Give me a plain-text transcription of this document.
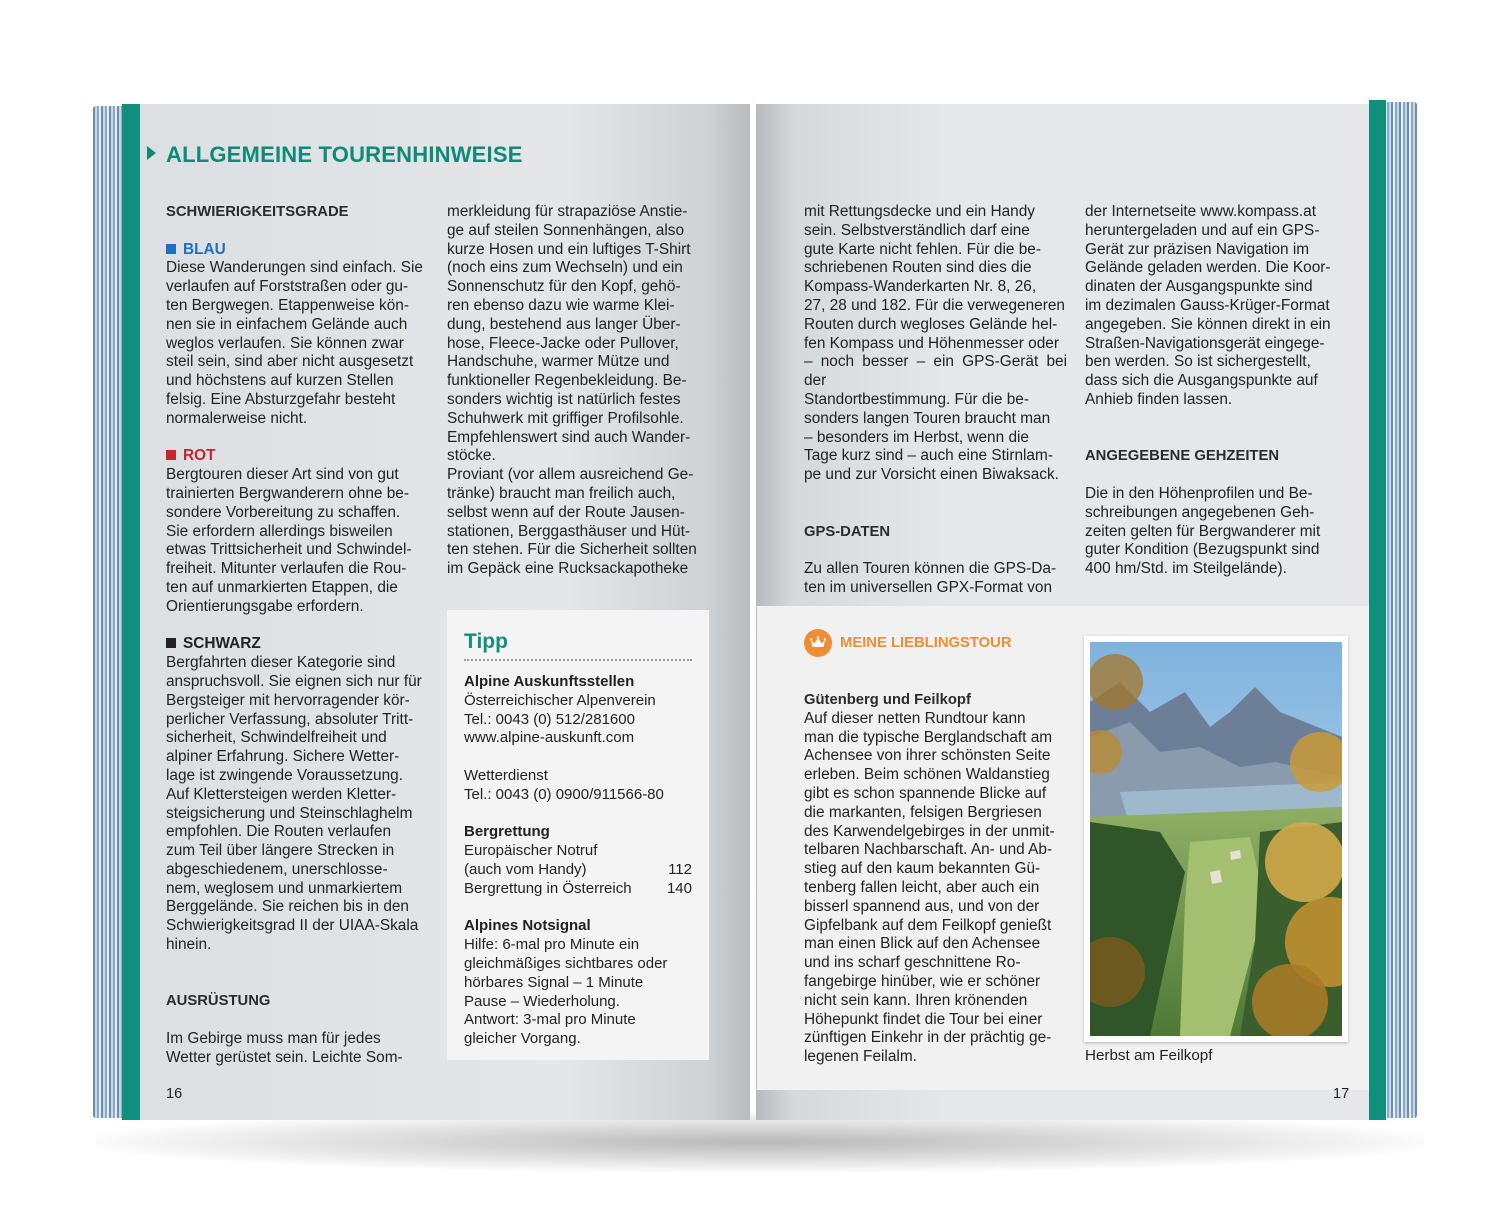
ALLGEMEINE TOURENHINWEISE

SCHWIERIGKEITSGRADE

BLAU

Diese Wanderungen sind einfach. Sie
verlaufen auf Forststraßen oder gu-
ten Bergwegen. Etappenweise kön-
nen sie in einfachem Gelände auch
weglos verlaufen. Sie können zwar
steil sein, sind aber nicht ausgesetzt
und höchstens auf kurzen Stellen
felsig. Eine Absturzgefahr besteht
normalerweise nicht.

ROT

Bergtouren dieser Art sind von gut
trainierten Bergwanderern ohne be-
sondere Vorbereitung zu schaffen.
Sie erfordern allerdings bisweilen
etwas Trittsicherheit und Schwindel-
freiheit. Mitunter verlaufen die Rou-
ten auf unmarkierten Etappen, die
Orientierungsgabe erfordern.

SCHWARZ

Bergfahrten dieser Kategorie sind
anspruchsvoll. Sie eignen sich nur für
Bergsteiger mit hervorragender kör-
perlicher Verfassung, absoluter Tritt-
sicherheit, Schwindelfreiheit und
alpiner Erfahrung. Sichere Wetter-
lage ist zwingende Voraussetzung.
Auf Klettersteigen werden Kletter-
steigsicherung und Steinschlaghelm
empfohlen. Die Routen verlaufen
zum Teil über längere Strecken in
abgeschiedenem, unerschlosse-
nem, weglosem und unmarkiertem
Berggelände. Sie reichen bis in den
Schwierigkeitsgrad II der UIAA-Skala
hinein.

AUSRÜSTUNG

Im Gebirge muss man für jedes
Wetter gerüstet sein. Leichte Som-
merkleidung für strapaziöse Anstie-
ge auf steilen Sonnenhängen, also
kurze Hosen und ein luftiges T-Shirt
(noch eins zum Wechseln) und ein
Sonnenschutz für den Kopf, gehö-
ren ebenso dazu wie warme Klei-
dung, bestehend aus langer Über-
hose, Fleece-Jacke oder Pullover,
Handschuhe, warmer Mütze und
funktioneller Regenbekleidung. Be-
sonders wichtig ist natürlich festes
Schuhwerk mit griffiger Profilsohle.
Empfehlenswert sind auch Wander-
stöcke.
Proviant (vor allem ausreichend Ge-
tränke) braucht man freilich auch,
selbst wenn auf der Route Jausen-
stationen, Berggasthäuser und Hüt-
ten stehen. Für die Sicherheit sollten
im Gepäck eine Rucksackapotheke
Tipp
Alpine Auskunftsstellen
Österreichischer Alpenverein
Tel.: 0043 (0) 512/281600
www.alpine-auskunft.com
Wetterdienst
Tel.: 0043 (0) 0900/911566-80
Bergrettung
Europäischer Notruf
(auch vom Handy)	112
Bergrettung in Österreich 140
Alpines Notsignal
Hilfe: 6-mal pro Minute ein
gleichmäßiges sichtbares oder
hörbares Signal – 1 Minute
Pause – Wiederholung.
Antwort: 3-mal pro Minute
gleicher Vorgang.
16
mit Rettungsdecke und ein Handy
sein. Selbstverständlich darf eine
gute Karte nicht fehlen. Für die be-
schriebenen Routen sind dies die
Kompass-Wanderkarten Nr. 8, 26,
27, 28 und 182. Für die verwegeneren
Routen durch wegloses Gelände hel-
fen Kompass und Höhenmesser oder
– noch besser – ein GPS-Gerät bei der
Standortbestimmung. Für die be-
sonders langen Touren braucht man
– besonders im Herbst, wenn die
Tage kurz sind – auch eine Stirnlam-
pe und zur Vorsicht einen Biwaksack.

GPS-DATEN

Zu allen Touren können die GPS-Da-
ten im universellen GPX-Format von
der Internetseite www.kompass.at
heruntergeladen und auf ein GPS-
Gerät zur präzisen Navigation im
Gelände geladen werden. Die Koor-
dinaten der Ausgangspunkte sind
im dezimalen Gauss-Krüger-Format
angegeben. Sie können direkt in ein
Straßen-Navigationsgerät eingege-
ben werden. So ist sichergestellt,
dass sich die Ausgangspunkte auf
Anhieb finden lassen.

ANGEGEBENE GEHZEITEN

Die in den Höhenprofilen und Be-
schreibungen angegebenen Geh-
zeiten gelten für Bergwanderer mit
guter Kondition (Bezugspunkt sind
400 hm/Std. im Steilgelände).
MEINE LIEBLINGSTOUR

Gütenberg und Feilkopf

Auf dieser netten Rundtour kann
man die typische Berglandschaft am
Achensee von ihrer schönsten Seite
erleben. Beim schönen Waldanstieg
gibt es schon spannende Blicke auf
die markanten, felsigen Bergriesen
des Karwendelgebirges in der unmit-
telbaren Nachbarschaft. An- und Ab-
stieg auf den kaum bekannten Gü-
tenberg fallen leicht, aber auch ein
bisserl spannend aus, und von der
Gipfelbank auf dem Feilkopf genießt
man einen Blick auf den Achensee
und ins scharf geschnittene Ro-
fangebirge hinüber, wie er schöner
nicht sein kann. Ihren krönenden
Höhepunkt findet die Tour bei einer
zünftigen Einkehr in der prächtig ge-
legenen Feilalm.	Herbst am Feilkopf
17
